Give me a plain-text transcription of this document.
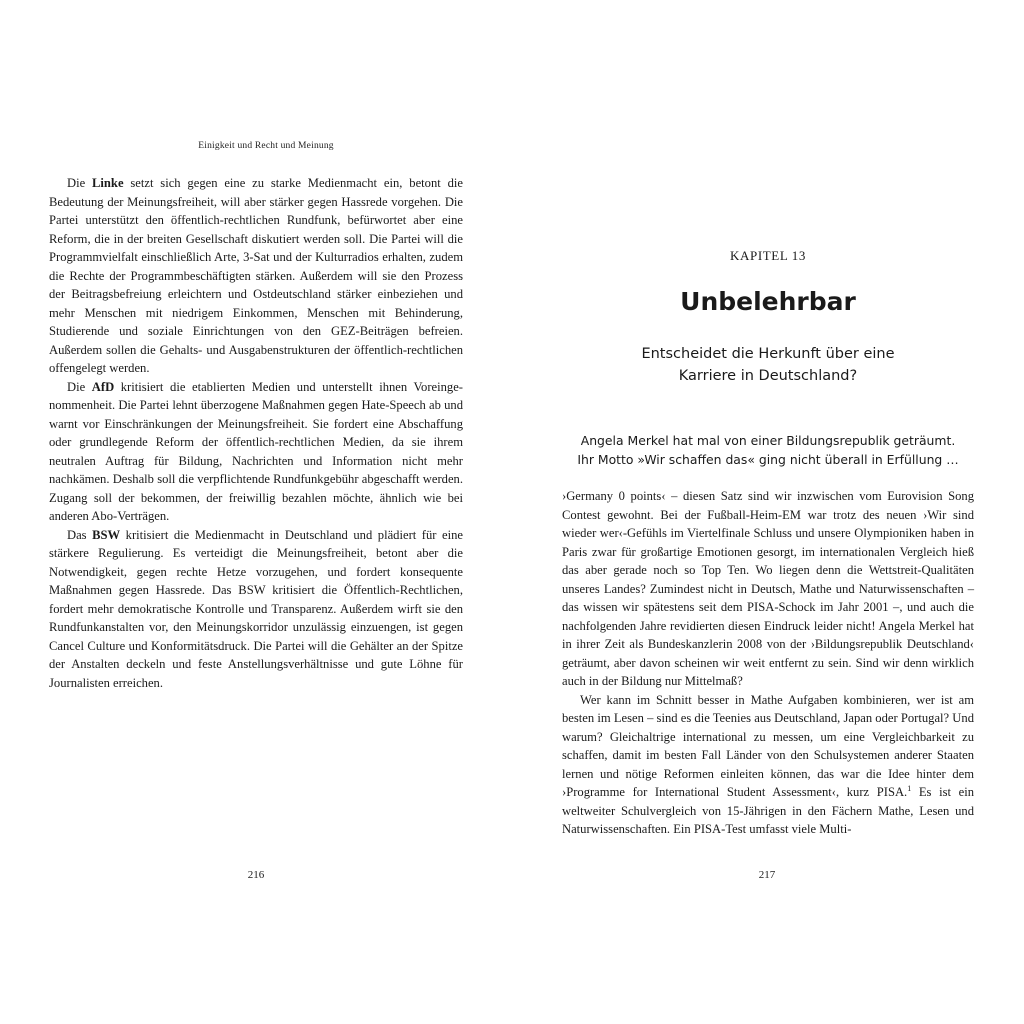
Einigkeit und Recht und Meinung

Die Linke setzt sich gegen eine zu starke Medienmacht ein, betont die Bedeutung der Meinungsfreiheit, will aber stärker gegen Hassrede vorgehen. Die Partei unterstützt den öffentlich-rechtlichen Rundfunk, befürwortet aber eine Reform, die in der breiten Gesellschaft diskutiert werden soll. Die Partei will die Programmvielfalt einschließlich Arte, 3-Sat und der Kulturradios erhalten, zudem die Rechte der Programmbeschäftigten stärken. Außerdem will sie den Prozess der Beitragsbefreiung erleichtern und Ostdeutschland stärker einbeziehen und mehr Menschen mit niedrigem Einkommen, Menschen mit Behinderung, Studierende und soziale Einrichtungen von den GEZ-Beiträgen befreien. Außerdem sollen die Gehalts- und Ausgabenstrukturen der öffentlich-rechtlichen offengelegt werden.

Die AfD kritisiert die etablierten Medien und unterstellt ihnen Voreingenommenheit. Die Partei lehnt überzogene Maßnahmen gegen Hate-Speech ab und warnt vor Einschränkungen der Meinungsfreiheit. Sie fordert eine Abschaffung oder grundlegende Reform der öffentlich-rechtlichen Medien, da sie ihrem neutralen Auftrag für Bildung, Nachrichten und Information nicht mehr nachkämen. Deshalb soll die verpflichtende Rundfunkgebühr abgeschafft werden. Zugang soll der bekommen, der freiwillig bezahlen möchte, ähnlich wie bei anderen Abo-Verträgen.

Das BSW kritisiert die Medienmacht in Deutschland und plädiert für eine stärkere Regulierung. Es verteidigt die Meinungsfreiheit, betont aber die Notwendigkeit, gegen rechte Hetze vorzugehen, und fordert konsequente Maßnahmen gegen Hassrede. Das BSW kritisiert die Öffentlich-Rechtlichen, fordert mehr demokratische Kontrolle und Transparenz. Außerdem wirft sie den Rundfunkanstalten vor, den Meinungskorridor unzulässig einzuengen, ist gegen Cancel Culture und Konformitätsdruck. Die Partei will die Gehälter an der Spitze der Anstalten deckeln und feste Anstellungsverhältnisse und gute Löhne für Journalisten erreichen.

216
KAPITEL 13
Unbelehrbar
Entscheidet die Herkunft über eine
Karriere in Deutschland?
Angela Merkel hat mal von einer Bildungsrepublik geträumt.
Ihr Motto »Wir schaffen das« ging nicht überall in Erfüllung …

›Germany 0 points‹ – diesen Satz sind wir inzwischen vom Eurovision Song Contest gewohnt. Bei der Fußball-Heim-EM war trotz des neuen ›Wir sind wieder wer‹-Gefühls im Viertelfinale Schluss und unsere Olympioniken haben in Paris zwar für großartige Emotionen gesorgt, im internationalen Vergleich hieß das aber gerade noch so Top Ten. Wo liegen denn die Wettstreit-Qualitäten unseres Landes? Zumindest nicht in Deutsch, Mathe und Naturwissenschaften – das wissen wir spätestens seit dem PISA-Schock im Jahr 2001 –, und auch die nachfolgenden Jahre revidierten diesen Eindruck leider nicht! Angela Merkel hat in ihrer Zeit als Bundeskanzlerin 2008 von der ›Bildungsrepublik Deutschland‹ geträumt, aber davon scheinen wir weit entfernt zu sein. Sind wir denn wirklich auch in der Bildung nur Mittelmaß?

Wer kann im Schnitt besser in Mathe Aufgaben kombinieren, wer ist am besten im Lesen – sind es die Teenies aus Deutschland, Japan oder Portugal? Und warum? Gleichaltrige international zu messen, um eine Vergleichbarkeit zu schaffen, damit im besten Fall Länder von den Schulsystemen anderer Staaten lernen und nötige Reformen einleiten können, das war die Idee hinter dem ›Programme for International Student Assessment‹, kurz PISA.$^1$ Es ist ein weltweiter Schulvergleich von 15-Jährigen in den Fächern Mathe, Lesen und Naturwissenschaften. Ein PISA-Test umfasst viele Multi-

217
